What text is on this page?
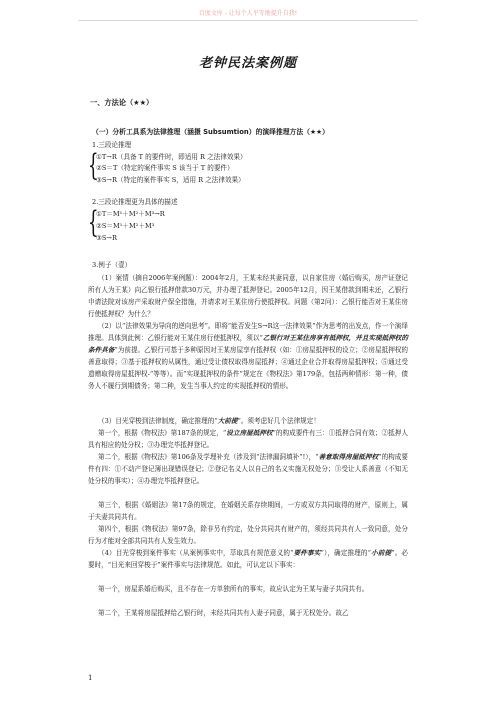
百度文库 - 让每个人平等地提升自我!
老钟民法案例题
一、方法论（★★）
（一）分析工具系为法律推理（涵摄 Subsumtion）的演绎推理方法（★★）
1.三段论推理
{
①T→R（具备 T 的要件时，即适用 R 之法律效果）
②S＝T（特定的案件事实 S 该当于 T 的要件）
③S→R（特定的案件事实 S，适用 R 之法律效果）
2.三段论推理更为具体的描述
{
①T＝M¹＋M²＋M³→R
②S＝M¹＋M²＋M³
③S→R
3.例子（壹）
（1）案情（摘自2006年案例题）：2004年2月，王某未经其妻同意，以自家住房（婚后购买，房产证登记所有人为王某）向乙银行抵押借款30万元，并办理了抵押登记。2005年12月，因王某借款到期未还，乙银行申请法院对该房产采取财产保全措施，并请求对王某住房行使抵押权。问题（第2问）：乙银行能否对王某住房行使抵押权？为什么？
（2）以“法律效果为导向的逆向思考”。即将“能否发生S→R这一法律效果”作为思考的出发点，作一个演绎推理。具体到此例：乙银行能对王某住房行使抵押权，须以“乙银行对王某住房享有抵押权，并且实现抵押权的条件具备”为前提。乙银行可基于多种原因对王某房屋享有抵押权（如：①房屋抵押权的设立；②房屋抵押权的善意取得；③基于抵押权的从属性，通过受让债权取得房屋抵押；④通过企业合并取得房屋抵押权；⑤通过受遗赠取得房屋抵押权-“等等）。而“实现抵押权的条件”规定在《物权法》第179条，包括两种情形：第一种，债务人不履行到期债务；第二种，发生当事人约定的实现抵押权的情形。
（3）目光穿梭到法律制度，确定推理的“大前提”。须考虑好几个法律规定！
第一个，根据《物权法》第187条的规定，“设立房屋抵押权”的构成要件有三：①抵押合同有效；②抵押人具有相应的处分权；③办理完毕抵押登记。
第二个，根据《物权法》第106条及学理补充（涉及到“法律漏洞填补”!），“善意取得房屋抵押权”的构成要件有四：①不动产登记簿出现错误登记；②登记名义人以自己的名义实施无权处分；③受让人系善意（不知无处分权的事实）；④办理完毕抵押登记。
第三个，根据《婚姻法》第17条的规定，在婚姻关系存续期间，一方或双方共同取得的财产，原则上，属于夫妻共同共有。
第四个，根据《物权法》第97条，除非另有约定，处分共同共有财产的，须经共同共有人一致同意，处分行为才能对全部共同共有人发生效力。
（4）目光穿梭到案件事实（从案例事实中，萃取具有规范意义的“要件事实”），确定推理的“小前提”。必要时，“目光来回穿梭于”案件事实与法律规范。如此，可认定以下事实：
第一个，房屋系婚后购买，且不存在一方单独所有的事实，故应认定为王某与妻子共同共有。
第二个，王某将房屋抵押给乙银行时，未经共同共有人妻子同意，属于无权处分。故乙
1
